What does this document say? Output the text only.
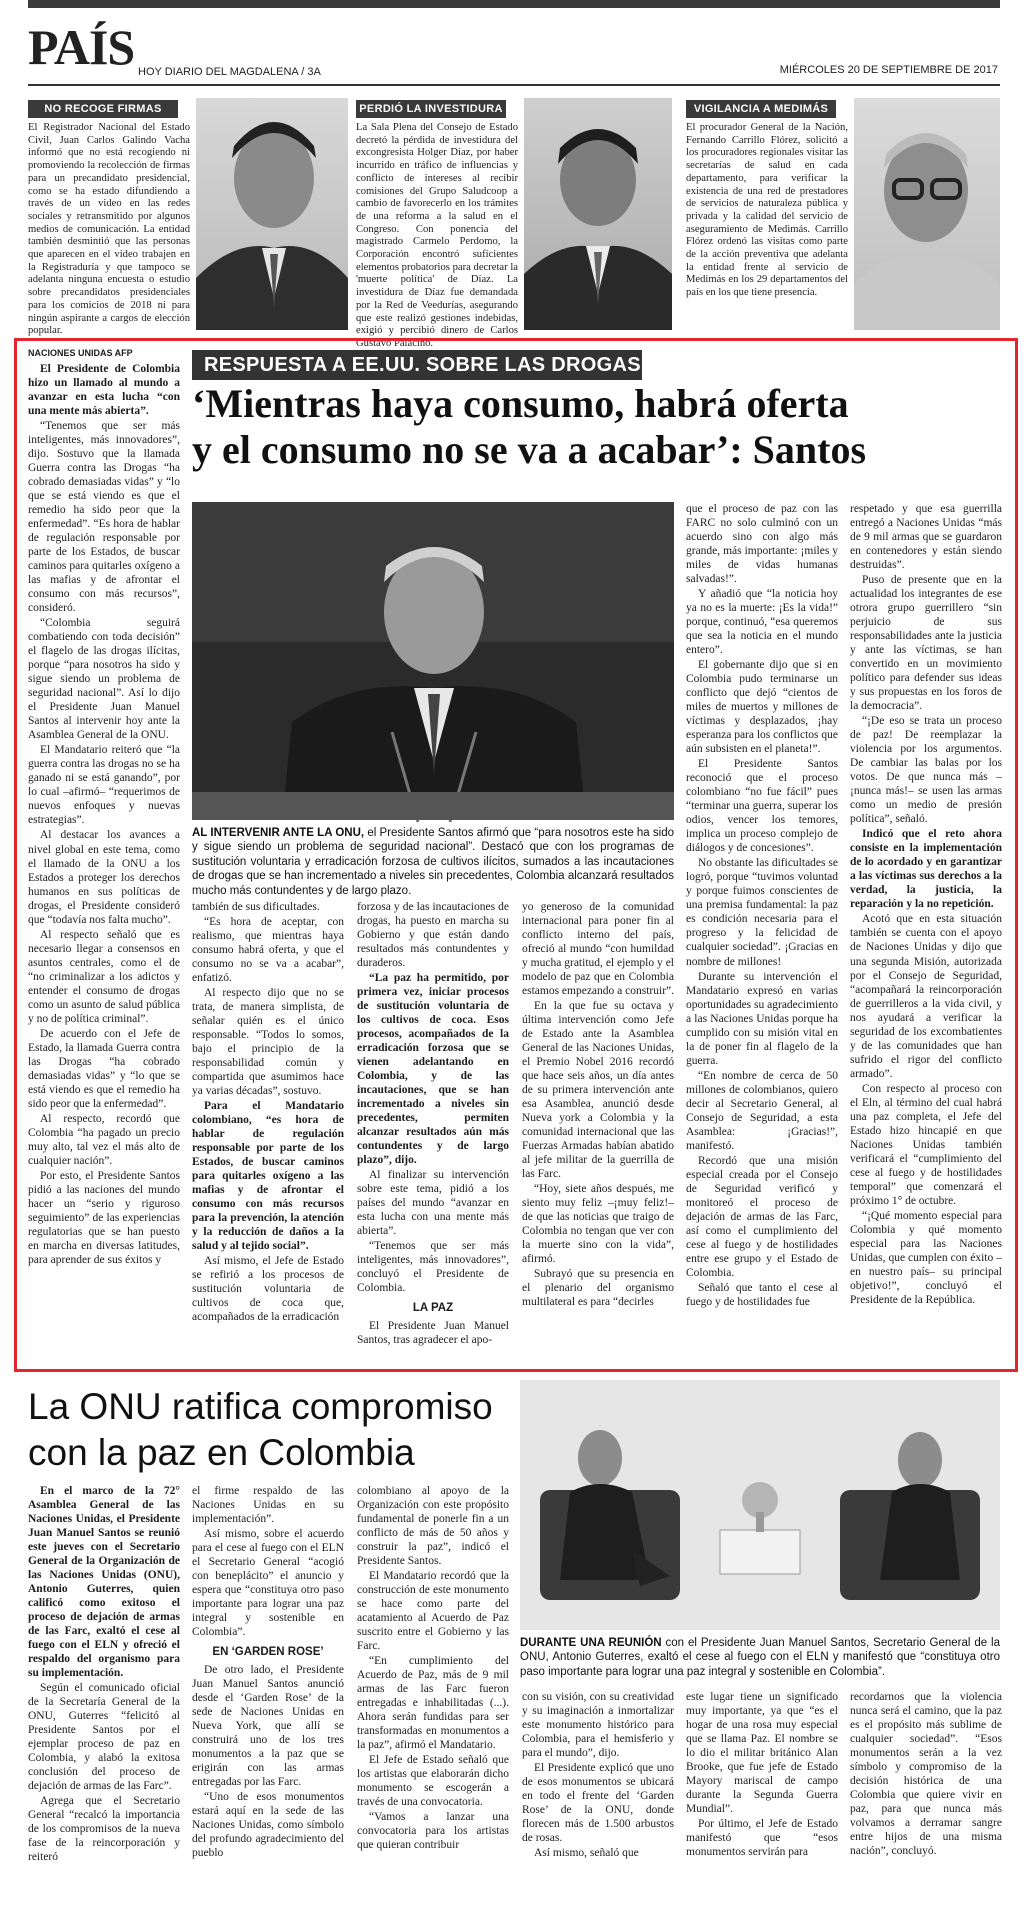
PAÍS HOY DIARIO DEL MAGDALENA / 3A	MIÉRCOLES 20 DE SEPTIEMBRE DE 2017
NO RECOGE FIRMAS
El Registrador Nacional del Estado Civil, Juan Carlos Galindo Vacha informó que no está recogiendo ni promoviendo la recolección de firmas para un precandidato presidencial, como se ha estado difundiendo a través de un video en las redes sociales y retransmitido por algunos medios de comunicación. La entidad también desmintió que las personas que aparecen en el video trabajen en la Registraduría y que tampoco se adelanta ninguna encuesta o estudio sobre precandidatos presidenciales para los comicios de 2018 ni para ningún aspirante a cargos de elección popular.
PERDIÓ LA INVESTIDURA
La Sala Plena del Consejo de Estado decretó la pérdida de investidura del excongresista Holger Díaz, por haber incurrido en tráfico de influencias y conflicto de intereses al recibir comisiones del Grupo Saludcoop a cambio de favorecerlo en los trámites de una reforma a la salud en el Congreso. Con ponencia del magistrado Carmelo Perdomo, la Corporación encontró suficientes elementos probatorios para decretar la 'muerte política' de Díaz. La investidura de Díaz fue demandada por la Red de Veedurías, asegurando que este realizó gestiones indebidas, exigió y percibió dinero de Carlos Gustavo Palacino.
VIGILANCIA A MEDIMÁS
El procurador General de la Nación, Fernando Carrillo Flórez, solicitó a los procuradores regionales visitar las secretarías de salud en cada departamento, para verificar la existencia de una red de prestadores de servicios de naturaleza pública y privada y la calidad del servicio de aseguramiento de Medimás. Carrillo Flórez ordenó las visitas como parte de la acción preventiva que adelanta la entidad frente al servicio de Medimás en los 29 departamentos del país en los que tiene presencia.

NACIONES UNIDAS AFP

El Presidente de Colombia hizo un llamado al mundo a avanzar en esta lucha “con una mente más abierta”.

“Tenemos que ser más inteligentes, más innovadores”, dijo. Sostuvo que la llamada Guerra contra las Drogas “ha cobrado demasiadas vidas” y “lo que se está viendo es que el remedio ha sido peor que la enfermedad”. “Es hora de hablar de regulación responsable por parte de los Estados, de buscar caminos para quitarles oxígeno a las mafias y de afrontar el consumo con más recursos”, consideró.

“Colombia seguirá combatiendo con toda decisión” el flagelo de las drogas ilícitas, porque “para nosotros ha sido y sigue siendo un problema de seguridad nacional”. Así lo dijo el Presidente Juan Manuel Santos al intervenir hoy ante la Asamblea General de la ONU.

El Mandatario reiteró que “la guerra contra las drogas no se ha ganado ni se está ganando”, por lo cual –afirmó– “requerimos de nuevos enfoques y nuevas estrategias”.

Al destacar los avances a nivel global en este tema, como el llamado de la ONU a los Estados a proteger los derechos humanos en sus políticas de drogas, el Presidente consideró que “todavía nos falta mucho”.

Al respecto señaló que es necesario llegar a consensos en asuntos centrales, como el de “no criminalizar a los adictos y entender el consumo de drogas como un asunto de salud pública y no de política criminal”.

De acuerdo con el Jefe de Estado, la llamada Guerra contra las Drogas “ha cobrado demasiadas vidas” y “lo que se está viendo es que el remedio ha sido peor que la enfermedad”.

Al respecto, recordó que Colombia “ha pagado un precio muy alto, tal vez el más alto de cualquier nación”.

Por esto, el Presidente Santos pidió a las naciones del mundo hacer un “serio y riguroso seguimiento” de las experiencias regulatorias que se han puesto en marcha en diversas latitudes, para aprender de sus éxitos y

RESPUESTA A EE.UU. SOBRE LAS DROGAS
‘Mientras haya consumo, habrá oferta
y el consumo no se va a acabar’: Santos
AL INTERVENIR ANTE LA ONU, el Presidente Santos afirmó que “para nosotros este ha sido y sigue siendo un problema de seguridad nacional”. Destacó que con los programas de sustitución voluntaria y erradicación forzosa de cultivos ilícitos, sumados a las incautaciones de drogas que se han incrementado a niveles sin precedentes, Colombia alcanzará resultados mucho más contundentes y de largo plazo.

también de sus dificultades.

“Es hora de aceptar, con realismo, que mientras haya consumo habrá oferta, y que el consumo no se va a acabar”, enfatizó.

Al respecto dijo que no se trata, de manera simplista, de señalar quién es el único responsable. “Todos lo somos, bajo el principio de la responsabilidad común y compartida que asumimos hace ya varias décadas”, sostuvo.

Para el Mandatario colombiano, “es hora de hablar de regulación responsable por parte de los Estados, de buscar caminos para quitarles oxígeno a las mafias y de afrontar el consumo con más recursos para la prevención, la atención y la reducción de daños a la salud y al tejido social”.

Así mismo, el Jefe de Estado se refirió a los procesos de sustitución voluntaria de cultivos de coca que, acompañados de la erradicación

forzosa y de las incautaciones de drogas, ha puesto en marcha su Gobierno y que están dando resultados más contundentes y duraderos.

“La paz ha permitido, por primera vez, iniciar procesos de sustitución voluntaria de los cultivos de coca. Esos procesos, acompañados de la erradicación forzosa que se vienen adelantando en Colombia, y de las incautaciones, que se han incrementado a niveles sin precedentes, permiten alcanzar resultados aún más contundentes y de largo plazo”, dijo.

Al finalizar su intervención sobre este tema, pidió a los países del mundo “avanzar en esta lucha con una mente más abierta”.

“Tenemos que ser más inteligentes, más innovadores”, concluyó el Presidente de Colombia.

LA PAZ

El Presidente Juan Manuel Santos, tras agradecer el apo-

yo generoso de la comunidad internacional para poner fin al conflicto interno del país, ofreció al mundo “con humildad y mucha gratitud, el ejemplo y el modelo de paz que en Colombia estamos empezando a construir”.

En la que fue su octava y última intervención como Jefe de Estado ante la Asamblea General de las Naciones Unidas, el Premio Nobel 2016 recordó que hace seis años, un día antes de su primera intervención ante esa Asamblea, anunció desde Nueva york a Colombia y la comunidad internacional que las Fuerzas Armadas habían abatido al jefe militar de la guerrilla de las Farc.

“Hoy, siete años después, me siento muy feliz –¡muy feliz!– de que las noticias que traigo de Colombia no tengan que ver con la muerte sino con la vida”, afirmó.

Subrayó que su presencia en el plenario del organismo multilateral es para “decirles

que el proceso de paz con las FARC no solo culminó con un acuerdo sino con algo más grande, más importante: ¡miles y miles de vidas humanas salvadas!”.

Y añadió que “la noticia hoy ya no es la muerte: ¡Es la vida!” porque, continuó, “esa queremos que sea la noticia en el mundo entero”.

El gobernante dijo que si en Colombia pudo terminarse un conflicto que dejó “cientos de miles de muertos y millones de víctimas y desplazados, ¡hay esperanza para los conflictos que aún subsisten en el planeta!”.

El Presidente Santos reconoció que el proceso colombiano “no fue fácil” pues “terminar una guerra, superar los odios, vencer los temores, implica un proceso complejo de diálogos y de concesiones”.

No obstante las dificultades se logró, porque “tuvimos voluntad y porque fuimos conscientes de una premisa fundamental: la paz es condición necesaria para el progreso y la felicidad de cualquier sociedad”. ¡Gracias en nombre de millones!

Durante su intervención el Mandatario expresó en varias oportunidades su agradecimiento a las Naciones Unidas porque ha cumplido con su misión vital en la de poner fin al flagelo de la guerra.

“En nombre de cerca de 50 millones de colombianos, quiero decir al Secretario General, al Consejo de Seguridad, a esta Asamblea: ¡Gracias!”, manifestó.

Recordó que una misión especial creada por el Consejo de Seguridad verificó y monitoreó el proceso de dejación de armas de las Farc, así como el cumplimiento del cese al fuego y de hostilidades entre ese grupo y el Estado de Colombia.

Señaló que tanto el cese al fuego y de hostilidades fue

respetado y que esa guerrilla entregó a Naciones Unidas “más de 9 mil armas que se guardaron en contenedores y están siendo destruidas”.

Puso de presente que en la actualidad los integrantes de ese otrora grupo guerrillero “sin perjuicio de sus responsabilidades ante la justicia y ante las víctimas, se han convertido en un movimiento político para defender sus ideas y sus propuestas en los foros de la democracia”.

“¡De eso se trata un proceso de paz! De reemplazar la violencia por los argumentos. De cambiar las balas por los votos. De que nunca más –¡nunca más!– se usen las armas como un medio de presión política”, señaló.

Indicó que el reto ahora consiste en la implementación de lo acordado y en garantizar a las víctimas sus derechos a la verdad, la justicia, la reparación y la no repetición.

Acotó que en esta situación también se cuenta con el apoyo de Naciones Unidas y dijo que una segunda Misión, autorizada por el Consejo de Seguridad, “acompañará la reincorporación de guerrilleros a la vida civil, y nos ayudará a verificar la seguridad de los excombatientes y de las comunidades que han sufrido el rigor del conflicto armado”.

Con respecto al proceso con el Eln, al término del cual habrá una paz completa, el Jefe del Estado hizo hincapié en que Naciones Unidas también verificará el “cumplimiento del cese al fuego y de hostilidades temporal” que comenzará el próximo 1° de octubre.

“¡Qué momento especial para Colombia y qué momento especial para las Naciones Unidas, que cumplen con éxito –en nuestro país– su principal objetivo!”, concluyó el Presidente de la República.

La ONU ratifica compromiso
con la paz en Colombia
DURANTE UNA REUNIÓN con el Presidente Juan Manuel Santos, Secretario General de la ONU, Antonio Guterres, exaltó el cese al fuego con el ELN y manifestó que “constituya otro paso importante para lograr una paz integral y sostenible en Colombia”.

En el marco de la 72° Asamblea General de las Naciones Unidas, el Presidente Juan Manuel Santos se reunió este jueves con el Secretario General de la Organización de las Naciones Unidas (ONU), Antonio Guterres, quien calificó como exitoso el proceso de dejación de armas de las Farc, exaltó el cese al fuego con el ELN y ofreció el respaldo del organismo para su implementación.

Según el comunicado oficial de la Secretaría General de la ONU, Guterres “felicitó al Presidente Santos por el ejemplar proceso de paz en Colombia, y alabó la exitosa conclusión del proceso de dejación de armas de las Farc”.

Agrega que el Secretario General “recalcó la importancia de los compromisos de la nueva fase de la reincorporación y reiteró

el firme respaldo de las Naciones Unidas en su implementación”.

Así mismo, sobre el acuerdo para el cese al fuego con el ELN el Secretario General “acogió con beneplácito” el anuncio y espera que “constituya otro paso importante para lograr una paz integral y sostenible en Colombia”.

EN ‘GARDEN ROSE’

De otro lado, el Presidente Juan Manuel Santos anunció desde el ‘Garden Rose’ de la sede de Naciones Unidas en Nueva York, que allí se construirá uno de los tres monumentos a la paz que se erigirán con las armas entregadas por las Farc.

“Uno de esos monumentos estará aquí en la sede de las Naciones Unidas, como símbolo del profundo agradecimiento del pueblo

colombiano al apoyo de la Organización con este propósito fundamental de ponerle fin a un conflicto de más de 50 años y construir la paz”, indicó el Presidente Santos.

El Mandatario recordó que la construcción de este monumento se hace como parte del acatamiento al Acuerdo de Paz suscrito entre el Gobierno y las Farc.

“En cumplimiento del Acuerdo de Paz, más de 9 mil armas de las Farc fueron entregadas e inhabilitadas (...). Ahora serán fundidas para ser transformadas en monumentos a la paz”, afirmó el Mandatario.

El Jefe de Estado señaló que los artistas que elaborarán dicho monumento se escogerán a través de una convocatoria.

“Vamos a lanzar una convocatoria para los artistas que quieran contribuir

con su visión, con su creatividad y su imaginación a inmortalizar este monumento histórico para Colombia, para el hemisferio y para el mundo”, dijo.

El Presidente explicó que uno de esos monumentos se ubicará en todo el frente del ‘Garden Rose’ de la ONU, donde florecen más de 1.500 arbustos de rosas.

Así mismo, señaló que

este lugar tiene un significado muy importante, ya que “es el hogar de una rosa muy especial que se llama Paz. El nombre se lo dio el militar británico Alan Brooke, que fue jefe de Estado Mayory mariscal de campo durante la Segunda Guerra Mundial”.

Por último, el Jefe de Estado manifestó que “esos monumentos servirán para

recordarnos que la violencia nunca será el camino, que la paz es el propósito más sublime de cualquier sociedad”. “Esos monumentos serán a la vez símbolo y compromiso de la decisión histórica de una Colombia que quiere vivir en paz, para que nunca más volvamos a derramar sangre entre hijos de una misma nación”, concluyó.
